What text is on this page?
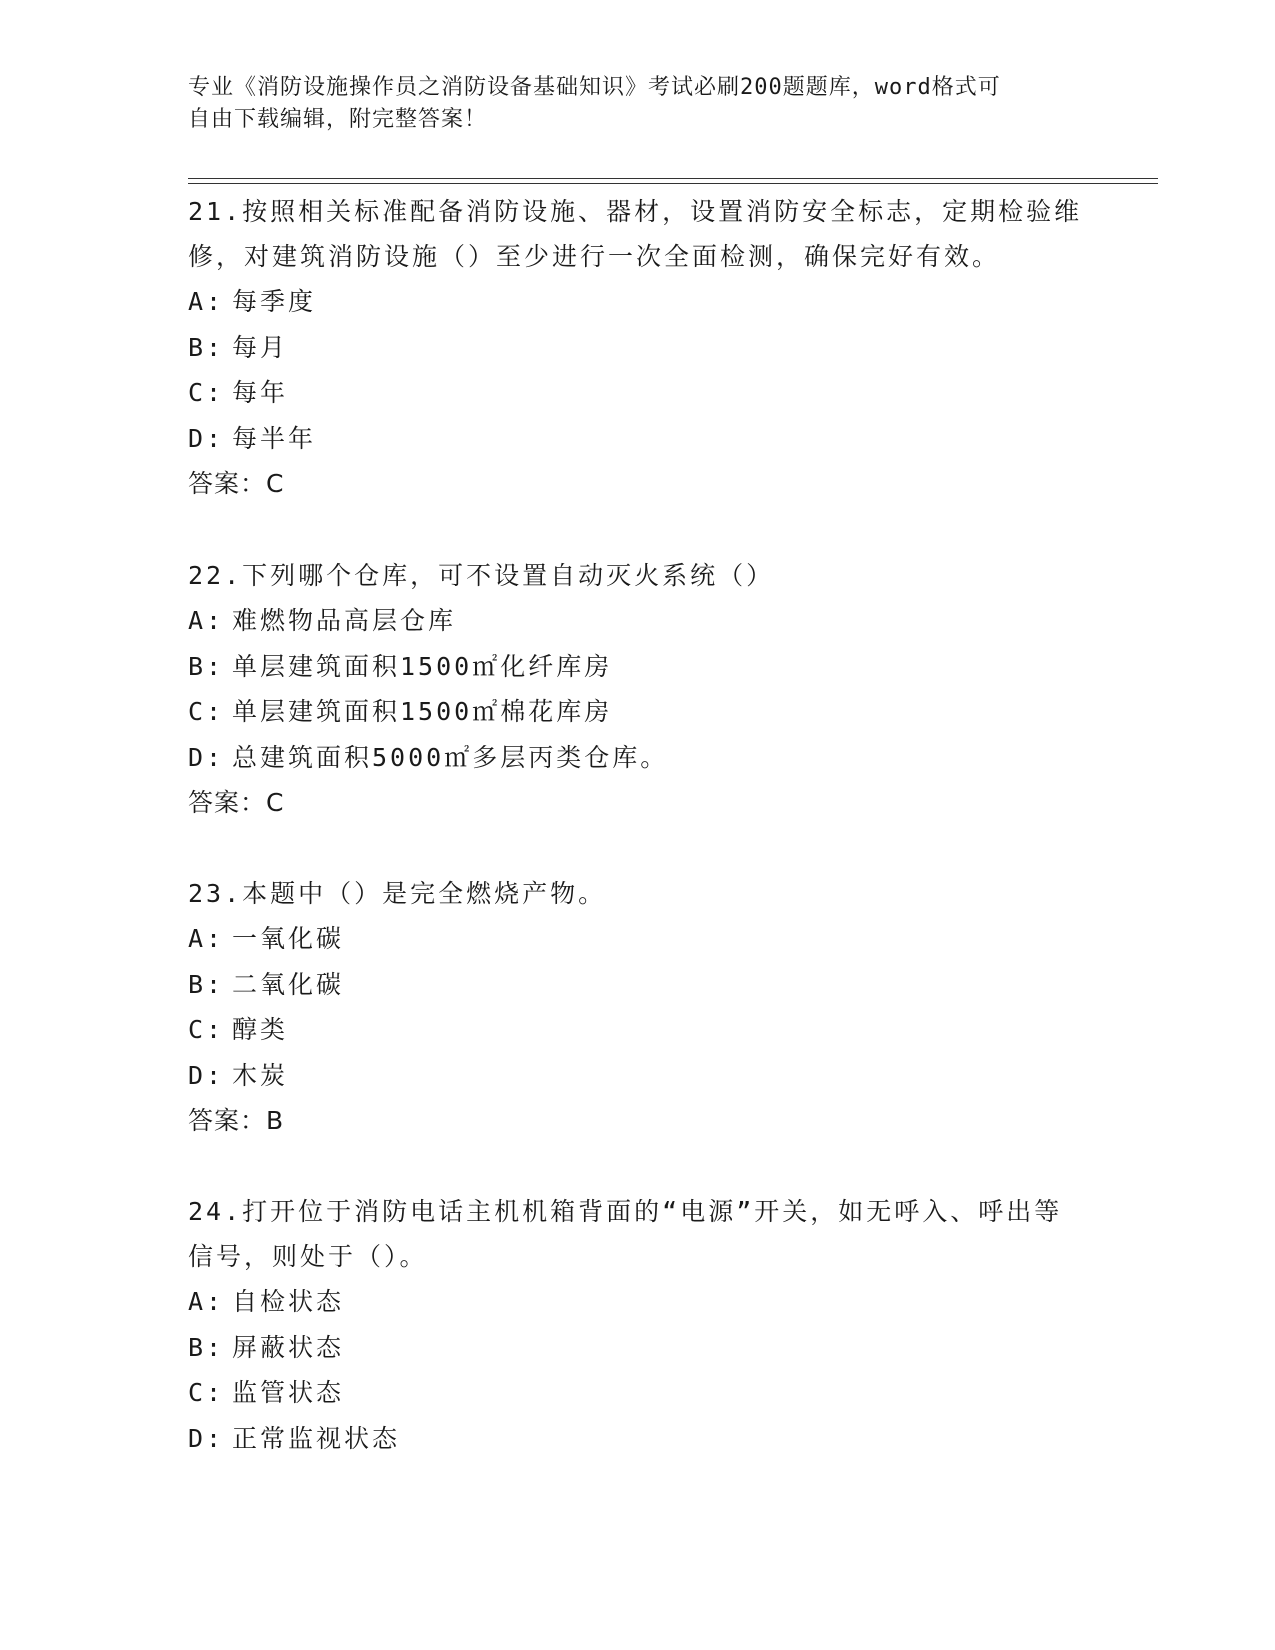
专业《消防设施操作员之消防设备基础知识》考试必刷200题题库，word格式可
自由下载编辑，附完整答案！

21.按照相关标准配备消防设施、器材，设置消防安全标志，定期检验维修，对建筑消防设施（）至少进行一次全面检测，确保完好有效。

A: 每季度
B: 每月
C: 每年
D: 每半年
答案：C

22.下列哪个仓库，可不设置自动灭火系统（）

A: 难燃物品高层仓库
B: 单层建筑面积1500㎡化纤库房
C: 单层建筑面积1500㎡棉花库房
D: 总建筑面积5000㎡多层丙类仓库。
答案：C

23.本题中（）是完全燃烧产物。

A: 一氧化碳
B: 二氧化碳
C: 醇类
D: 木炭
答案：B

24.打开位于消防电话主机机箱背面的“电源”开关，如无呼入、呼出等信号，则处于（）。

A: 自检状态
B: 屏蔽状态
C: 监管状态
D: 正常监视状态
